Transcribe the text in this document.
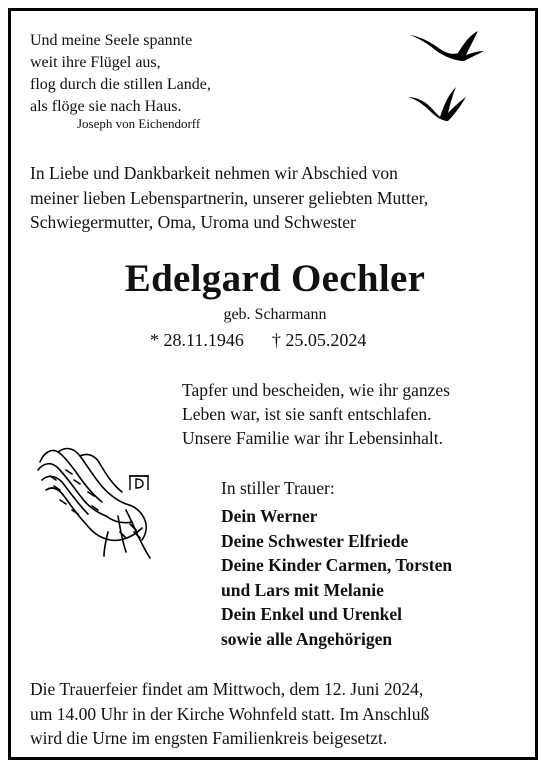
Und meine Seele spannte
weit ihre Flügel aus,
flog durch die stillen Lande,
als flöge sie nach Haus.
Joseph von Eichendorff
In Liebe und Dankbarkeit nehmen wir Abschied von
meiner lieben Lebenspartnerin, unserer geliebten Mutter,
Schwiegermutter, Oma, Uroma und Schwester
Edelgard Oechler
geb. Scharmann
* 28.11.1946 † 25.05.2024
Tapfer und bescheiden, wie ihr ganzes
Leben war, ist sie sanft entschlafen.
Unsere Familie war ihr Lebensinhalt.
In stiller Trauer:
Dein Werner
Deine Schwester Elfriede
Deine Kinder Carmen, Torsten
und Lars mit Melanie
Dein Enkel und Urenkel
sowie alle Angehörigen
Die Trauerfeier findet am Mittwoch, dem 12. Juni 2024,
um 14.00 Uhr in der Kirche Wohnfeld statt. Im Anschluß
wird die Urne im engsten Familienkreis beigesetzt.
